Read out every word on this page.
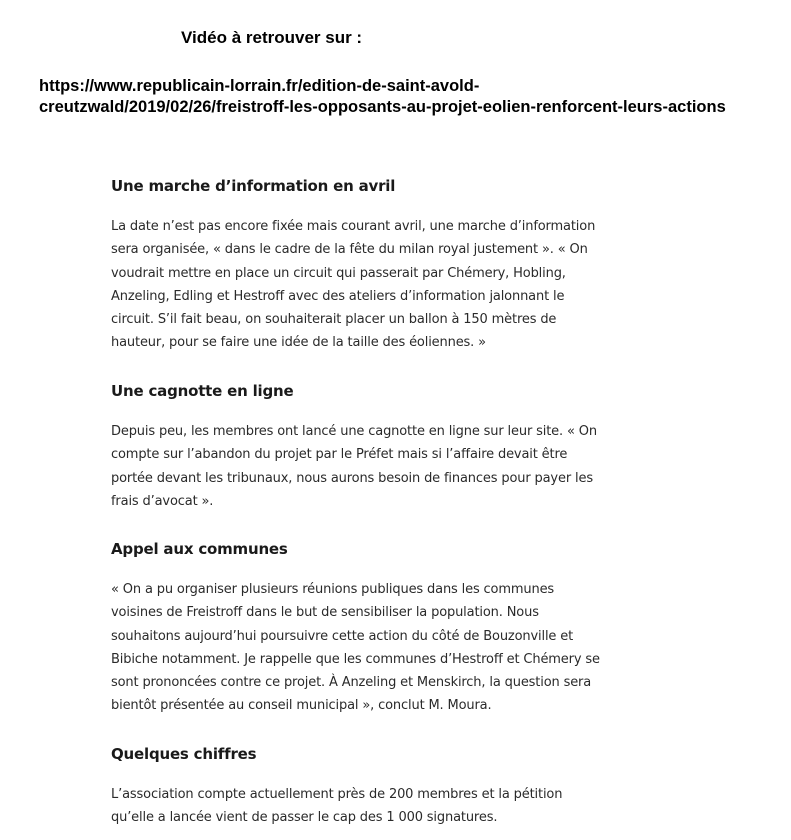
Vidéo à retrouver sur :
https://www.republicain-lorrain.fr/edition-de-saint-avold-
creutzwald/2019/02/26/freistroff-les-opposants-au-projet-eolien-renforcent-leurs-actions
Une marche d’information en avril

La date n’est pas encore fixée mais courant avril, une marche d’information
sera organisée, « dans le cadre de la fête du milan royal justement ». « On
voudrait mettre en place un circuit qui passerait par Chémery, Hobling,
Anzeling, Edling et Hestroff avec des ateliers d’information jalonnant le
circuit. S’il fait beau, on souhaiterait placer un ballon à 150 mètres de
hauteur, pour se faire une idée de la taille des éoliennes. »

Une cagnotte en ligne

Depuis peu, les membres ont lancé une cagnotte en ligne sur leur site. « On
compte sur l’abandon du projet par le Préfet mais si l’affaire devait être
portée devant les tribunaux, nous aurons besoin de finances pour payer les
frais d’avocat ».

Appel aux communes

« On a pu organiser plusieurs réunions publiques dans les communes
voisines de Freistroff dans le but de sensibiliser la population. Nous
souhaitons aujourd’hui poursuivre cette action du côté de Bouzonville et
Bibiche notamment. Je rappelle que les communes d’Hestroff et Chémery se
sont prononcées contre ce projet. À Anzeling et Menskirch, la question sera
bientôt présentée au conseil municipal », conclut M. Moura.

Quelques chiffres

L’association compte actuellement près de 200 membres et la pétition
qu’elle a lancée vient de passer le cap des 1 000 signatures.
